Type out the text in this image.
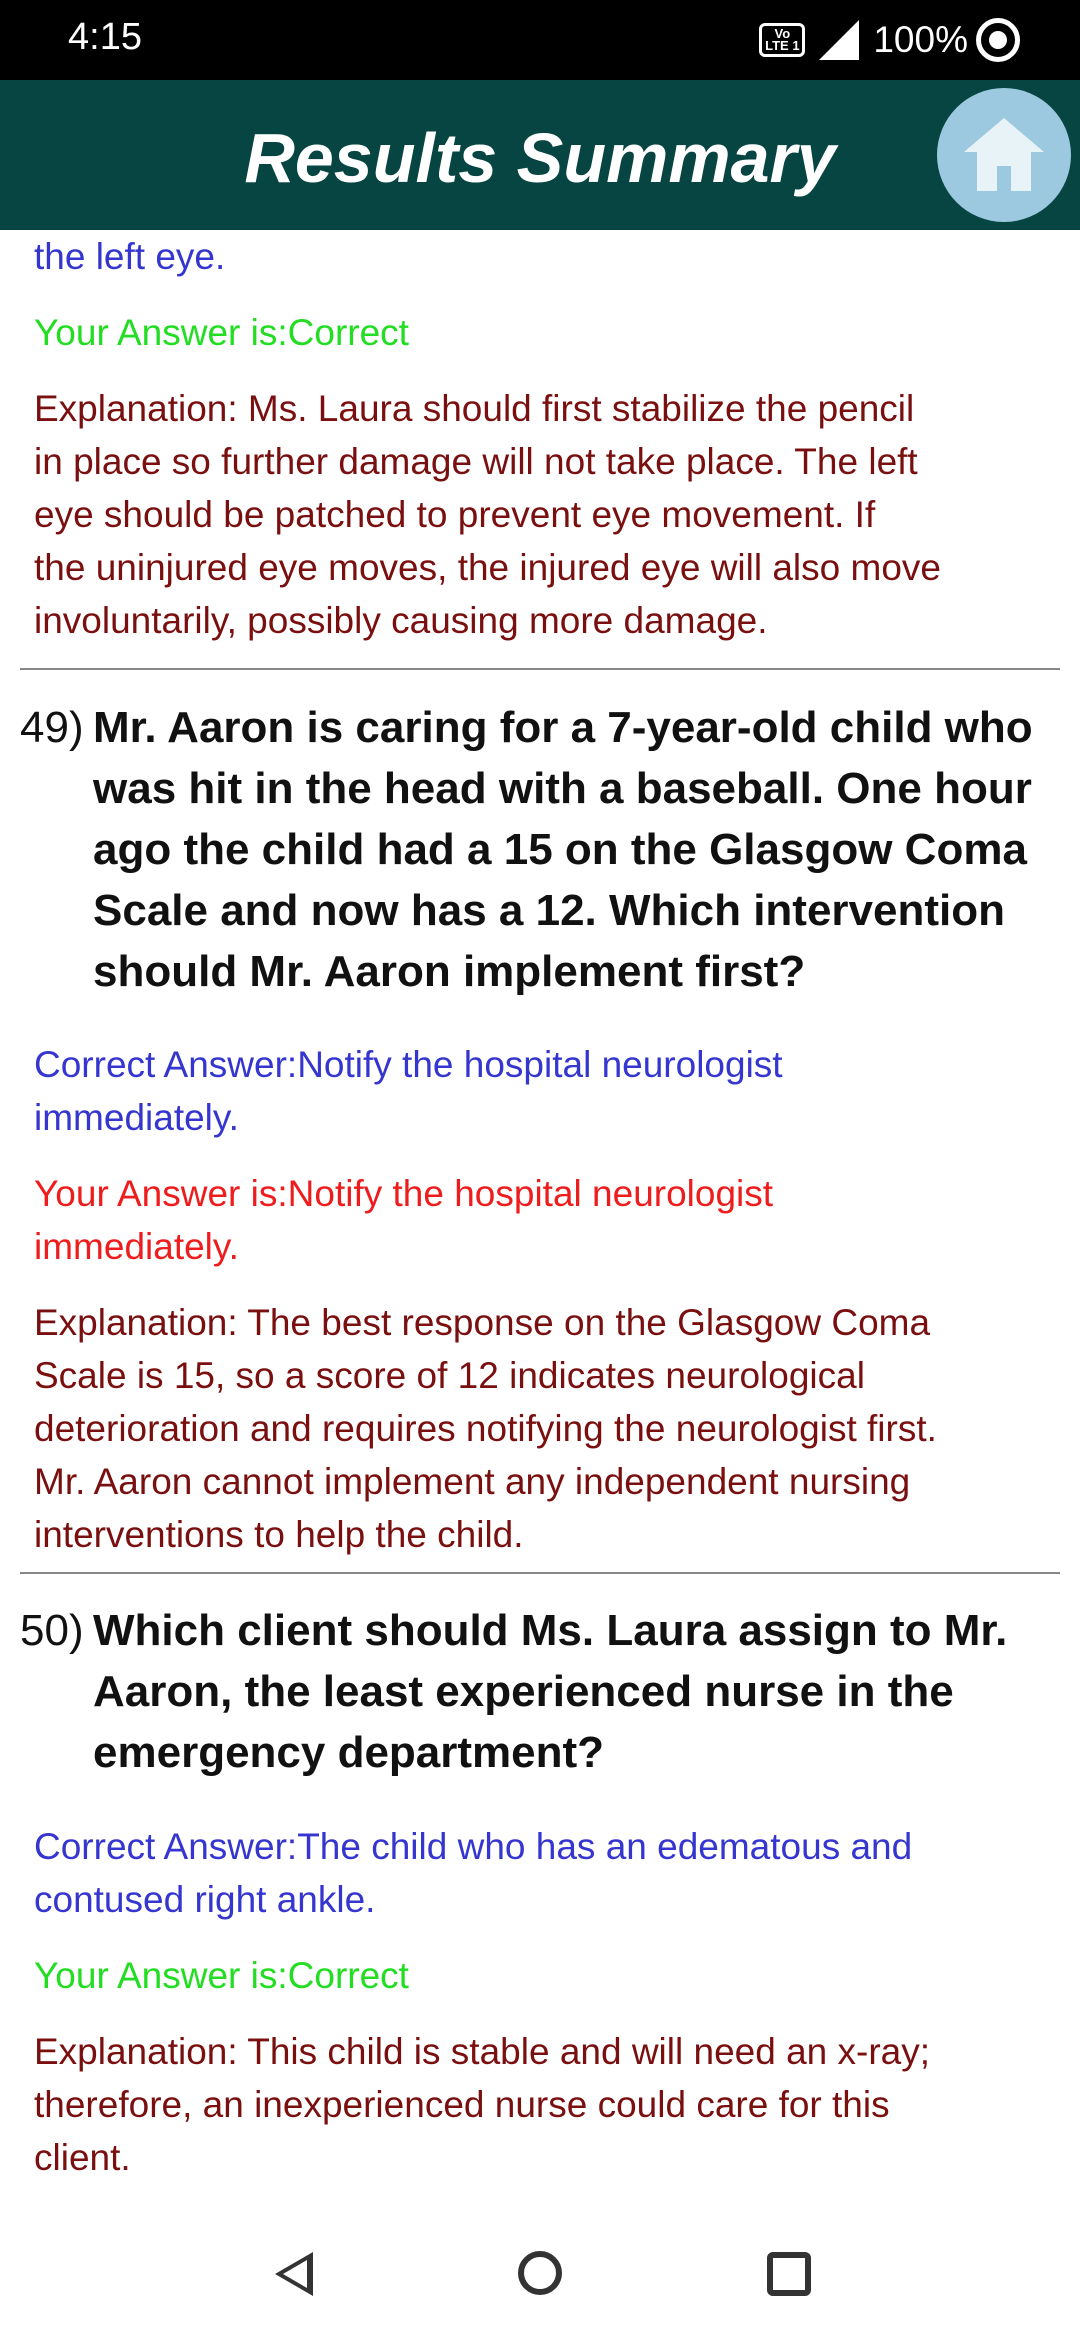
4:15	Vo LTE 1 100%
Results Summary
the left eye.
Your Answer is:Correct
Explanation: Ms. Laura should first stabilize the pencil
in place so further damage will not take place. The left
eye should be patched to prevent eye movement. If
the uninjured eye moves, the injured eye will also move
involuntarily, possibly causing more damage.
49) Mr. Aaron is caring for a 7-year-old child who
was hit in the head with a baseball. One hour
ago the child had a 15 on the Glasgow Coma
Scale and now has a 12. Which intervention
should Mr. Aaron implement first?
Correct Answer:Notify the hospital neurologist
immediately.
Your Answer is:Notify the hospital neurologist
immediately.
Explanation: The best response on the Glasgow Coma
Scale is 15, so a score of 12 indicates neurological
deterioration and requires notifying the neurologist first.
Mr. Aaron cannot implement any independent nursing
interventions to help the child.
50) Which client should Ms. Laura assign to Mr.
Aaron, the least experienced nurse in the
emergency department?
Correct Answer:The child who has an edematous and
contused right ankle.
Your Answer is:Correct
Explanation: This child is stable and will need an x-ray;
therefore, an inexperienced nurse could care for this
client.
